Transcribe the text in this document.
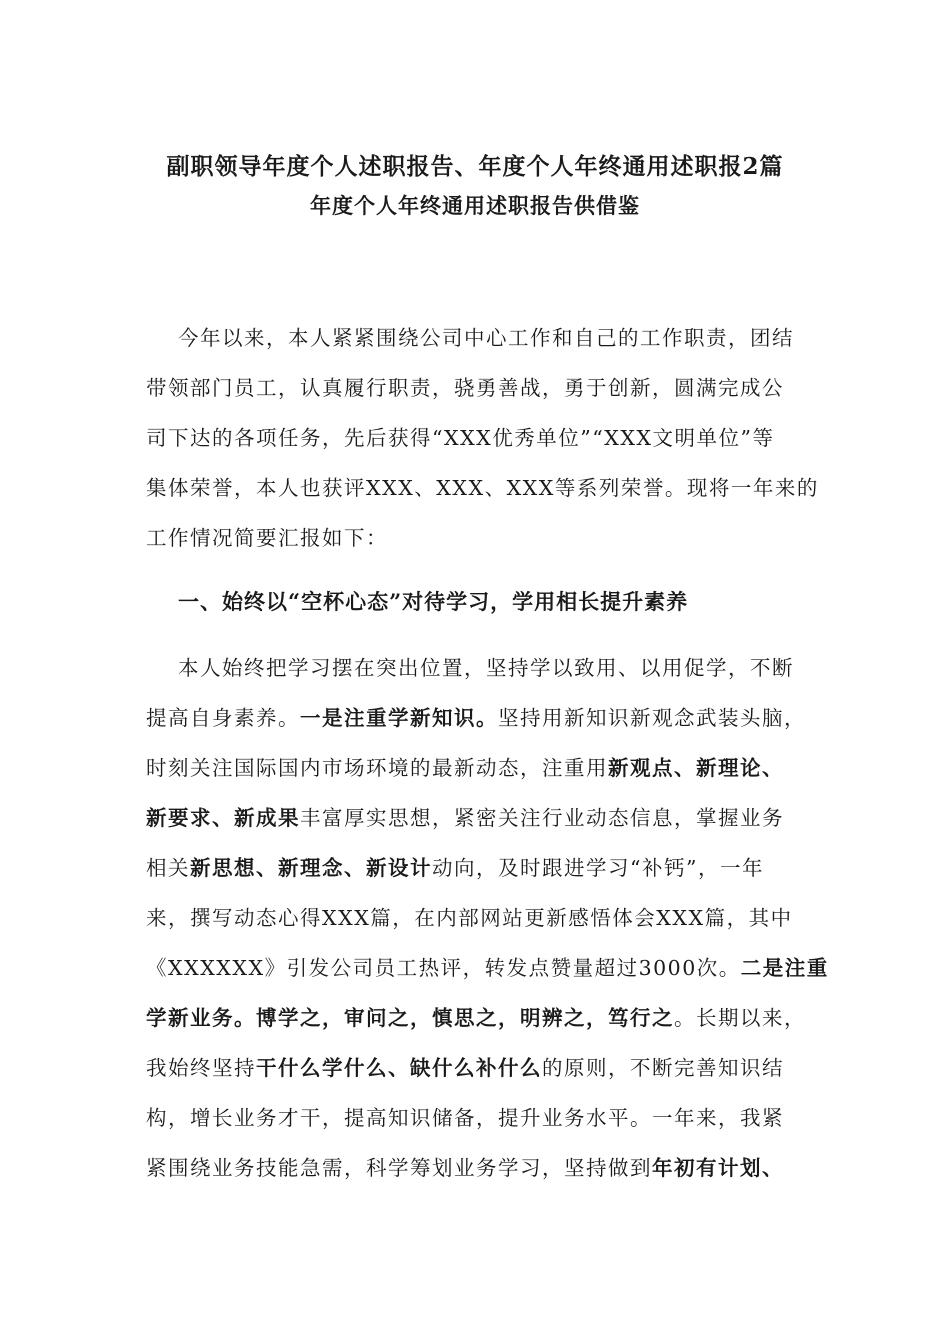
副职领导年度个人述职报告、年度个人年终通用述职报2篇
年度个人年终通用述职报告供借鉴
今年以来，本人紧紧围绕公司中心工作和自己的工作职责，团结
带领部门员工，认真履行职责，骁勇善战，勇于创新，圆满完成公
司下达的各项任务，先后获得“XXX优秀单位”“XXX文明单位”等
集体荣誉，本人也获评XXX、XXX、XXX等系列荣誉。现将一年来的
工作情况简要汇报如下：
一、始终以“空杯心态”对待学习，学用相长提升素养
本人始终把学习摆在突出位置，坚持学以致用、以用促学，不断
提高自身素养。一是注重学新知识。坚持用新知识新观念武装头脑，
时刻关注国际国内市场环境的最新动态，注重用新观点、新理论、
新要求、新成果丰富厚实思想，紧密关注行业动态信息，掌握业务
相关新思想、新理念、新设计动向，及时跟进学习“补钙”，一年
来，撰写动态心得XXX篇，在内部网站更新感悟体会XXX篇，其中
《XXXXXX》引发公司员工热评，转发点赞量超过3000次。二是注重
学新业务。博学之，审问之，慎思之，明辨之，笃行之。长期以来，
我始终坚持干什么学什么、缺什么补什么的原则，不断完善知识结
构，增长业务才干，提高知识储备，提升业务水平。一年来，我紧
紧围绕业务技能急需，科学筹划业务学习，坚持做到年初有计划、
